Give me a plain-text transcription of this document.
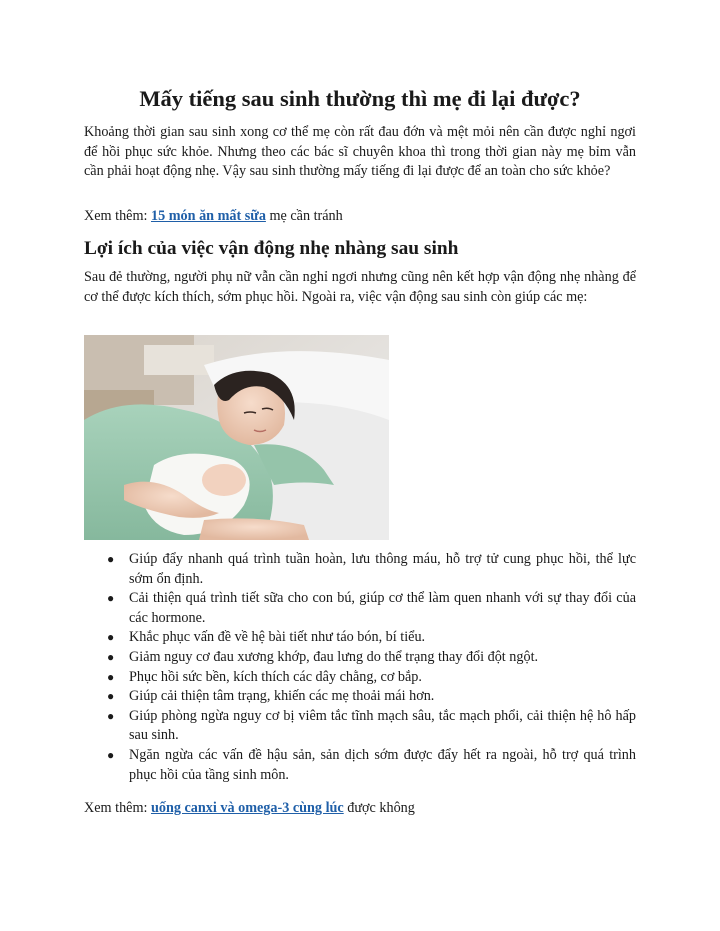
Mấy tiếng sau sinh thường thì mẹ đi lại được?

Khoảng thời gian sau sinh xong cơ thể mẹ còn rất đau đớn và mệt mỏi nên cần được nghỉ ngơi để hồi phục sức khỏe. Nhưng theo các bác sĩ chuyên khoa thì trong thời gian này mẹ bỉm vẫn cần phải hoạt động nhẹ. Vậy sau sinh thường mấy tiếng đi lại được để an toàn cho sức khỏe?

Xem thêm: 15 món ăn mất sữa mẹ cần tránh

Lợi ích của việc vận động nhẹ nhàng sau sinh

Sau đẻ thường, người phụ nữ vẫn cần nghỉ ngơi nhưng cũng nên kết hợp vận động nhẹ nhàng để cơ thể được kích thích, sớm phục hồi. Ngoài ra, việc vận động sau sinh còn giúp các mẹ:

● Giúp đẩy nhanh quá trình tuần hoàn, lưu thông máu, hỗ trợ tử cung phục hồi, thể lực sớm ổn định.
● Cải thiện quá trình tiết sữa cho con bú, giúp cơ thể làm quen nhanh với sự thay đổi của các hormone.
● Khắc phục vấn đề về hệ bài tiết như táo bón, bí tiểu.
● Giảm nguy cơ đau xương khớp, đau lưng do thể trạng thay đổi đột ngột.
● Phục hồi sức bền, kích thích các dây chằng, cơ bắp.
● Giúp cải thiện tâm trạng, khiến các mẹ thoải mái hơn.
● Giúp phòng ngừa nguy cơ bị viêm tắc tĩnh mạch sâu, tắc mạch phổi, cải thiện hệ hô hấp sau sinh.
● Ngăn ngừa các vấn đề hậu sản, sản dịch sớm được đẩy hết ra ngoài, hỗ trợ quá trình phục hồi của tầng sinh môn.

Xem thêm: uống canxi và omega-3 cùng lúc được không
